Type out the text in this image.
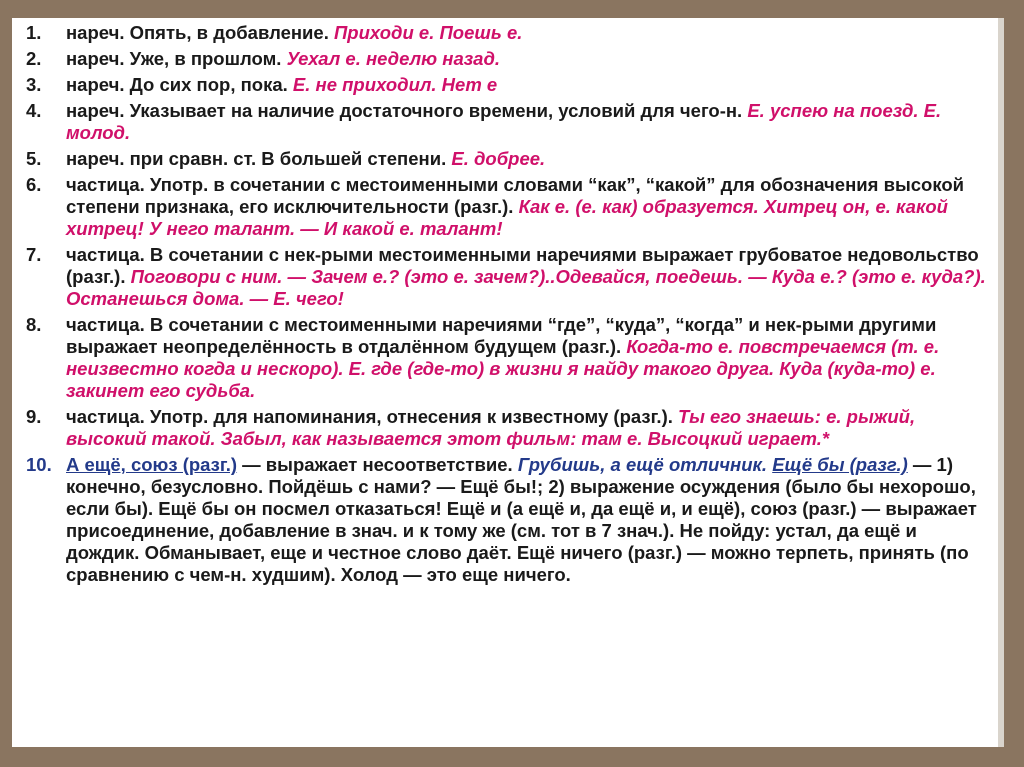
1.	нареч. Опять, в добавление. Приходи е. Поешь е.
2.	нареч. Уже, в прошлом. Уехал е. неделю назад.
3.	нареч. До сих пор, пока. Е. не приходил. Нет е
4.	нареч. Указывает на наличие достаточного времени, условий для чего-н. Е. успею на поезд. Е. молод.
5.	нареч. при сравн. ст. В большей степени. Е. добрее.
6.	частица. Употр. в сочетании с местоименными словами “как”, “какой” для обозначения высокой степени признака, его исключительности (разг.). Как е. (е. как) образуется. Хитрец он, е. какой хитрец! У него талант. — И какой е. талант!
7.	частица. В сочетании с нек-рыми местоименными наречиями выражает грубоватое недовольство (разг.). Поговори с ним. — Зачем е.? (это е. зачем?)..Одевайся, поедешь. — Куда е.? (это е. куда?). Останешься дома. — Е. чего!
8.	частица. В сочетании с местоименными наречиями “где”, “куда”, “когда” и нек-рыми другими выражает неопределённость в отдалённом будущем (разг.). Когда-то е. повстречаемся (т. е. неизвестно когда и нескоро). Е. где (где-то) в жизни я найду такого друга. Куда (куда-то) е. закинет его судьба.
9.	частица. Употр. для напоминания, отнесения к известному (разг.). Ты его знаешь: е. рыжий, высокий такой. Забыл, как называется этот фильм: там е. Высоцкий играет.*
10. А ещё, союз (разг.) — выражает несоответствие. Грубишь, а ещё отличник. Ещё бы (разг.) — 1) конечно, безусловно. Пойдёшь с нами? — Ещё бы!; 2) выражение осуждения (было бы нехорошо, если бы). Ещё бы он посмел отказаться! Ещё и (а ещё и, да ещё и, и ещё), союз (разг.) — выражает присоединение, добавление в знач. и к тому же (см. тот в 7 знач.). Не пойду: устал, да ещё и дождик. Обманывает, еще и честное слово даёт. Ещё ничего (разг.) — можно терпеть, принять (по сравнению с чем-н. худшим). Холод — это еще ничего.
